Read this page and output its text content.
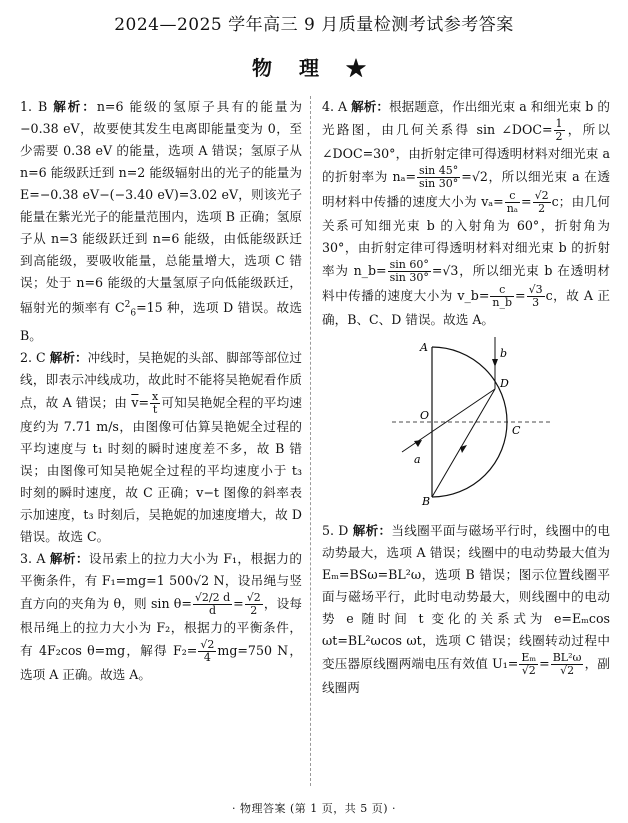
2024—2025 学年高三 9 月质量检测考试参考答案
物 理 ★

1. B 解析：n=6 能级的氢原子具有的能量为 −0.38 eV，故要使其发生电离即能量变为 0，至少需要 0.38 eV 的能量，选项 A 错误；氢原子从 n=6 能级跃迁到 n=2 能级辐射出的光子的能量为 E=−0.38 eV−(−3.40 eV)=3.02 eV，则该光子能量在紫光光子的能量范围内，选项 B 正确；氢原子从 n=3 能级跃迁到 n=6 能级，由低能级跃迁到高能级，要吸收能量，总能量增大，选项 C 错误；处于 n=6 能级的大量氢原子向低能级跃迁，辐射光的频率有 $C^2_6=15$ 种，选项 D 错误。故选 B。

2. C 解析：冲线时，吴艳妮的头部、脚部等部位过线，即表示冲线成功，故此时不能将吴艳妮看作质点，故 A 错误；由 $\overline{v}= \frac{x}{t}$ 可知吴艳妮全程的平均速度约为 7.71 m/s，由图像可估算吴艳妮全过程的平均速度与 t₁ 时刻的瞬时速度差不多，故 B 错误；由图像可知吴艳妮全过程的平均速度小于 t₃ 时刻的瞬时速度，故 C 正确；v−t 图像的斜率表示加速度，t₃ 时刻后，吴艳妮的加速度增大，故 D 错误。故选 C。

3. A 解析：设吊索上的拉力大小为 F₁，根据力的平衡条件，有 F₁=mg=1 500√2 N，设吊绳与竖直方向的夹角为 θ，则 $\sin \theta= \frac{√2/2 d}{d} = \frac{√2}{2}$ ，设每根吊绳上的拉力大小为 F₂，根据力的平衡条件，有 4F₂cos θ=mg，解得 $F_2= \frac{√2}{4} mg=750$ N，选项 A 正确。故选 A。

4. A 解析：根据题意，作出细光束 a 和细光束 b 的光路图，由几何关系得 sin ∠DOC= $\frac{1}{2}$ ，所以∠DOC=30°，由折射定律可得透明材料对细光束 a 的折射率为 $n_a= \frac{\sin 45^\circ}{\sin 30^\circ} =√2$，所以细光束 a 在透明材料中传播的速度大小为 $v_a= \frac{c}{\text{nₐ}} = \frac{√2}{2}$ c；由几何关系可知细光束 b 的入射角为 60°，折射角为 30°，由折射定律可得透明材料对细光束 b 的折射率为 n_b= $\frac{\sin 60^\circ}{\sin 30^\circ} =√3$，所以细光束 b 在透明材料中传播的速度大小为 v_b= $\frac{c}{n\_b} = \frac{√3}{3}$ c，故 A 正确，B、C、D 错误。故选 A。

A
B
C
D
O
a
b

5. D 解析：当线圈平面与磁场平行时，线圈中的电动势最大，选项 A 错误；线圈中的电动势最大值为 Eₘ=BSω=BL²ω，选项 B 错误；图示位置线圈平面与磁场平行，此时电动势最大，则线圈中的电动势 e 随时间 t 变化的关系式为 e=Eₘcos ωt=BL²ωcos ωt，选项 C 错误；线圈转动过程中变压器原线圈两端电压有效值 $U_1= \frac{\text{Eₘ}}{√2} = \frac{\text{BL²ω}}{√2}$ ，副线圈两

· 物理答案 (第 1 页，共 5 页) ·
